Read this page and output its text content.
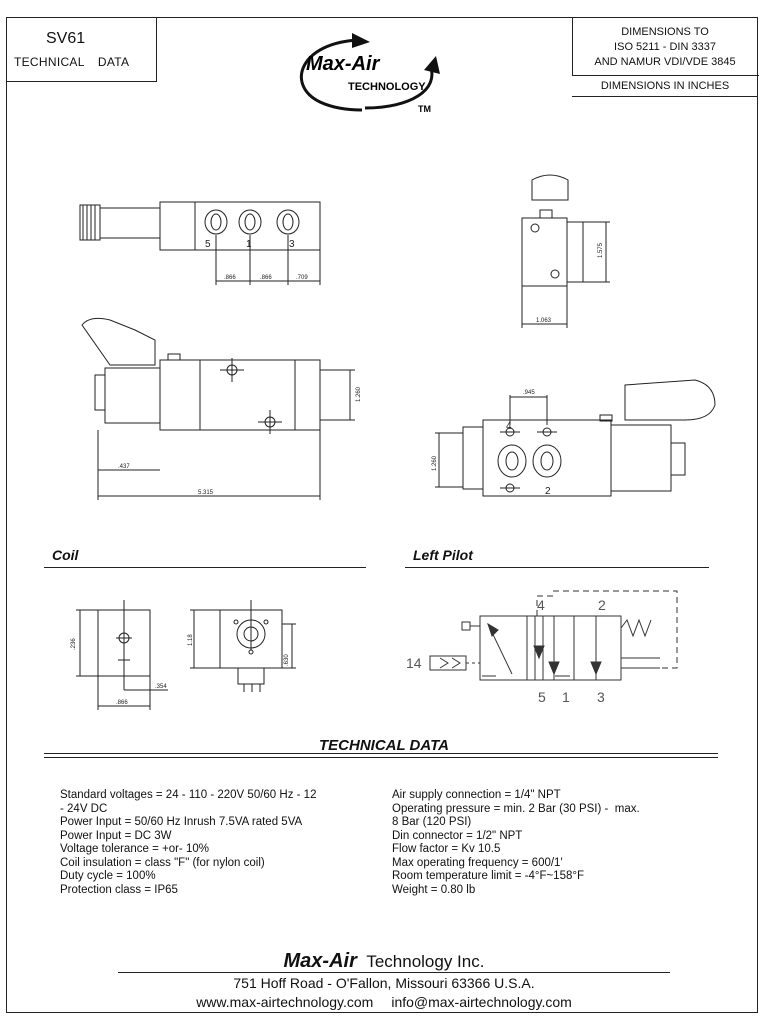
SV61
TECHNICAL DATA	Max-Air
TECHNOLOGY
TM
DIMENSIONS TO
ISO 5211 - DIN 3337
AND NAMUR VDI/VDE 3845
DIMENSIONS IN INCHES
5	1	3
.866	.866	.709
1.063
1.575
.437
5.315
1.260
4
2
.945
1.260
Coil	Left Pilot
.354
.866
.236	1.18
.630
4	2
5 1 3
14
TECHNICAL DATA
Standard voltages = 24 - 110 - 220V 50/60 Hz - 12
- 24V DC
Power Input = 50/60 Hz Inrush 7.5VA rated 5VA
Power Input = DC 3W
Voltage tolerance = +or- 10%
Coil insulation = class "F" (for nylon coil)
Duty cycle = 100%
Protection class = IP65
Air supply connection = 1/4" NPT
Operating pressure = min. 2 Bar (30 PSI) -  max.
8 Bar (120 PSI)
Din connector = 1/2" NPT
Flow factor = Kv 10.5
Max operating frequency = 600/1'
Room temperature limit = -4°F~158°F
Weight = 0.80 lb
Max-Air Technology Inc.
751 Hoff Road - O'Fallon, Missouri 63366 U.S.A.
www.max-airtechnology.com info@max-airtechnology.com
